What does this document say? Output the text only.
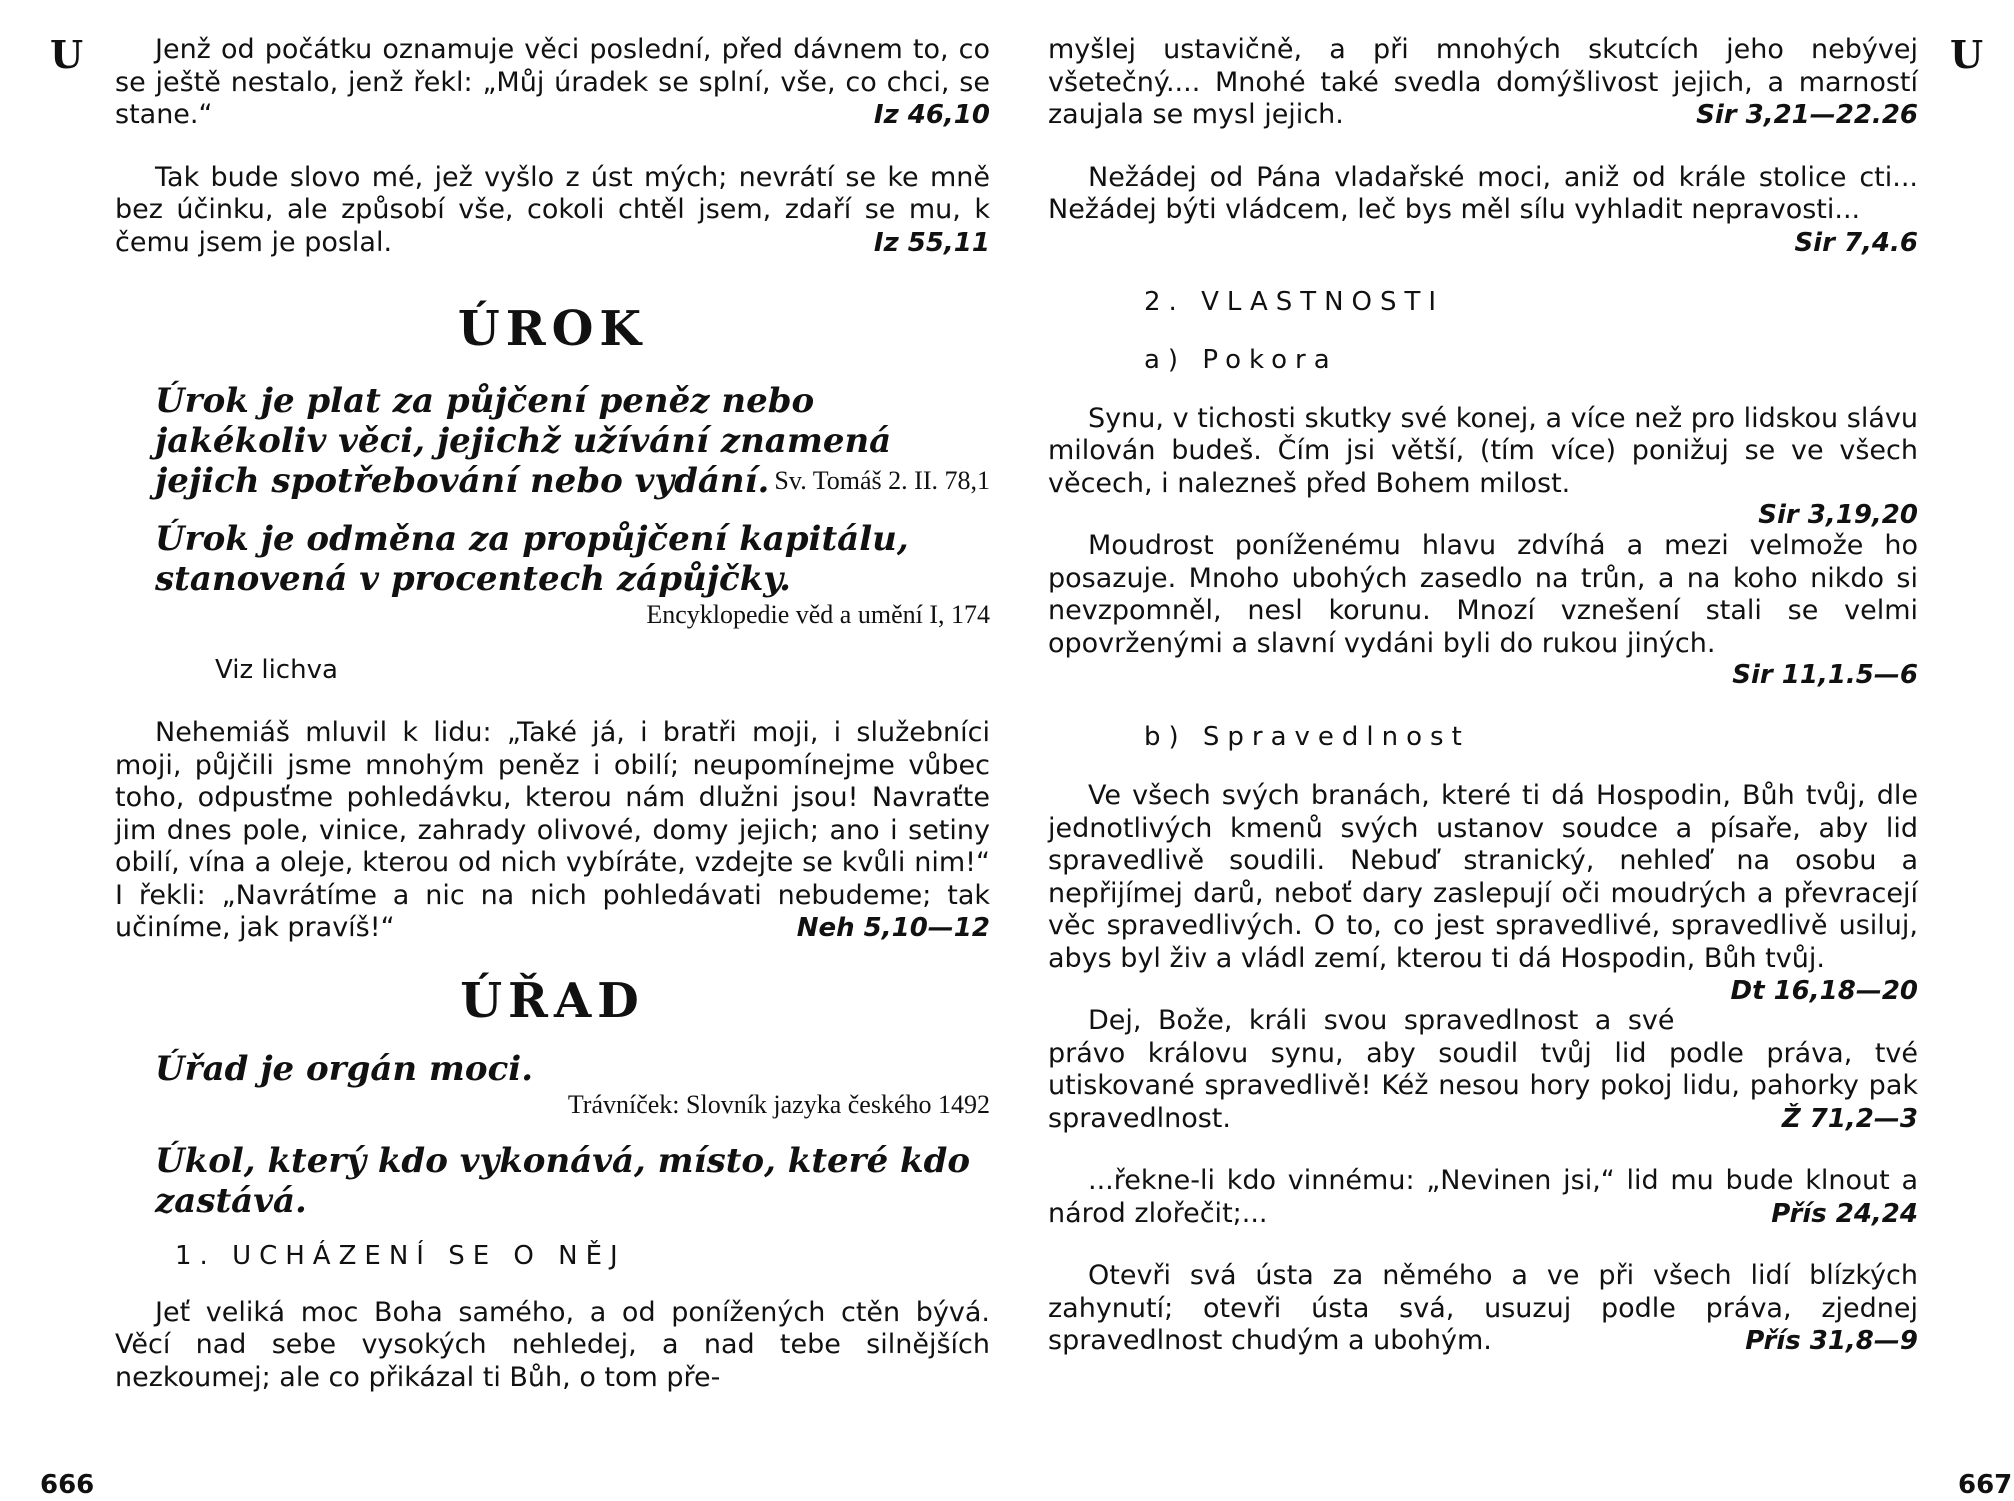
U	U
666	667

Jenž od počátku oznamuje věci poslední, před dávnem to, co se ještě nestalo, jenž řekl: „Můj úradek se splní, vše, co chci, se stane.“	Iz 46,10

Tak bude slovo mé, jež vyšlo z úst mých; nevrátí se ke mně bez účinku, ale způsobí vše, cokoli chtěl jsem, zdaří se mu, k čemu jsem je poslal.	Iz 55,11

ÚROK

Úrok je plat za půjčení peněz nebo jakékoliv věci, jejichž užívání znamená jejich spotřebování nebo vydání. Sv. Tomáš 2. II. 78,1

Úrok je odměna za propůjčení kapitálu, stanovená v procentech zápůjčky.

Encyklopedie věd a umění I, 174

Viz lichva

Nehemiáš mluvil k lidu: „Také já, i bratři moji, i služebníci moji, půjčili jsme mnohým peněz i obilí; neupomínejme vůbec toho, odpusťme pohledávku, kterou nám dlužni jsou! Navraťte jim dnes pole, vinice, zahrady olivové, domy jejich; ano i setiny obilí, vína a oleje, kterou od nich vybíráte, vzdejte se kvůli nim!“ I řekli: „Navrátíme a nic na nich pohledávati nebudeme; tak učiníme, jak pravíš!“	Neh 5,10—12

ÚŘAD

Úřad je orgán moci.

Trávníček: Slovník jazyka českého 1492

Úkol, který kdo vykonává, místo, které kdo zastává.

1. UCHÁZENÍ SE O NĚJ

Jeť veliká moc Boha samého, a od ponížených ctěn bývá. Věcí nad sebe vysokých nehledej, a nad tebe silnějších nezkoumej; ale co přikázal ti Bůh, o tom pře-

myšlej ustavičně, a při mnohých skutcích jeho nebývej všetečný.... Mnohé také svedla domýšlivost jejich, a marností zaujala se mysl jejich.	Sir 3,21—22.26

Nežádej od Pána vladařské moci, aniž od krále stolice cti... Nežádej býti vládcem, leč bys měl sílu vyhladit nepravosti...
Sir 7,4.6

2. VLASTNOSTI

a) Pokora

Synu, v tichosti skutky své konej, a více než pro lidskou slávu milován budeš. Čím jsi větší, (tím více) ponižuj se ve všech věcech, i nalezneš před Bohem milost.

Sir 3,19,20

Moudrost poníženému hlavu zdvíhá a mezi velmože ho posazuje. Mnoho ubohých zasedlo na trůn, a na koho nikdo si nevzpomněl, nesl korunu. Mnozí vznešení stali se velmi opovrženými a slavní vydáni byli do rukou jiných.

Sir 11,1.5—6

b) Spravedlnost

Ve všech svých branách, které ti dá Hospodin, Bůh tvůj, dle jednotlivých kmenů svých ustanov soudce a písaře, aby lid spravedlivě soudili. Nebuď stranický, nehleď na osobu a nepřijímej darů, neboť dary zaslepují oči moudrých a převracejí věc spravedlivých. O to, co jest spravedlivé, spravedlivě usiluj, abys byl živ a vládl zemí, kterou ti dá Hospodin, Bůh tvůj.
Dt 16,18—20

Dej, Bože, králi svou spravedlnost a své právo královu synu, aby soudil tvůj lid podle práva, tvé utiskované spravedlivě! Kéž nesou hory pokoj lidu, pahorky pak spravedlnost.	Ž 71,2—3

...řekne-li kdo vinnému: „Nevinen jsi,“ lid mu bude klnout a národ zlořečit;...	Přís 24,24

Otevři svá ústa za němého a ve při všech lidí blízkých zahynutí; otevři ústa svá, usuzuj podle práva, zjednej spravedlnost chudým a ubohým.	Přís 31,8—9
